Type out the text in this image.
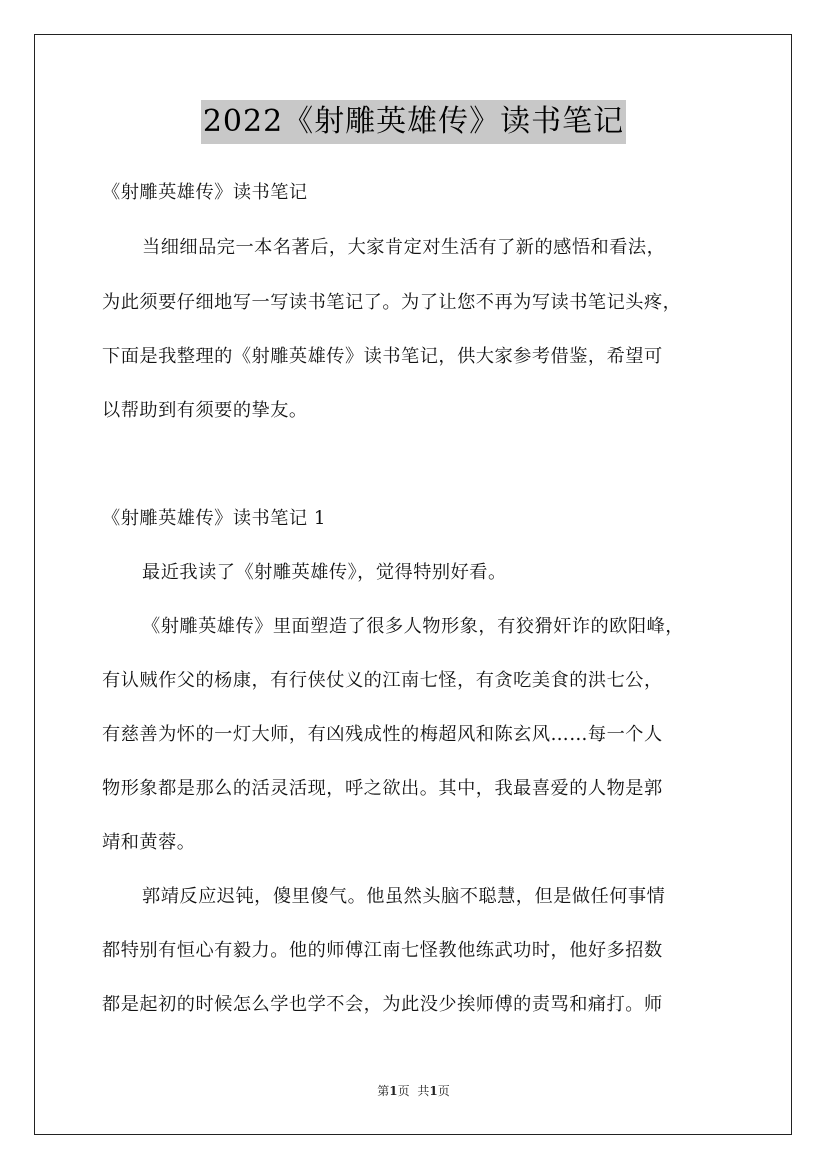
2022《射雕英雄传》读书笔记
《射雕英雄传》读书笔记
当细细品完一本名著后，大家肯定对生活有了新的感悟和看法，
为此须要仔细地写一写读书笔记了。为了让您不再为写读书笔记头疼，
下面是我整理的《射雕英雄传》读书笔记，供大家参考借鉴，希望可
以帮助到有须要的挚友。
《射雕英雄传》读书笔记 1
最近我读了《射雕英雄传》，觉得特别好看。
《射雕英雄传》里面塑造了很多人物形象，有狡猾奸诈的欧阳峰，
有认贼作父的杨康，有行侠仗义的江南七怪，有贪吃美食的洪七公，
有慈善为怀的一灯大师，有凶残成性的梅超风和陈玄风……每一个人
物形象都是那么的活灵活现，呼之欲出。其中，我最喜爱的人物是郭
靖和黄蓉。
郭靖反应迟钝，傻里傻气。他虽然头脑不聪慧，但是做任何事情
都特别有恒心有毅力。他的师傅江南七怪教他练武功时，他好多招数
都是起初的时候怎么学也学不会，为此没少挨师傅的责骂和痛打。师
第1页 共1页
